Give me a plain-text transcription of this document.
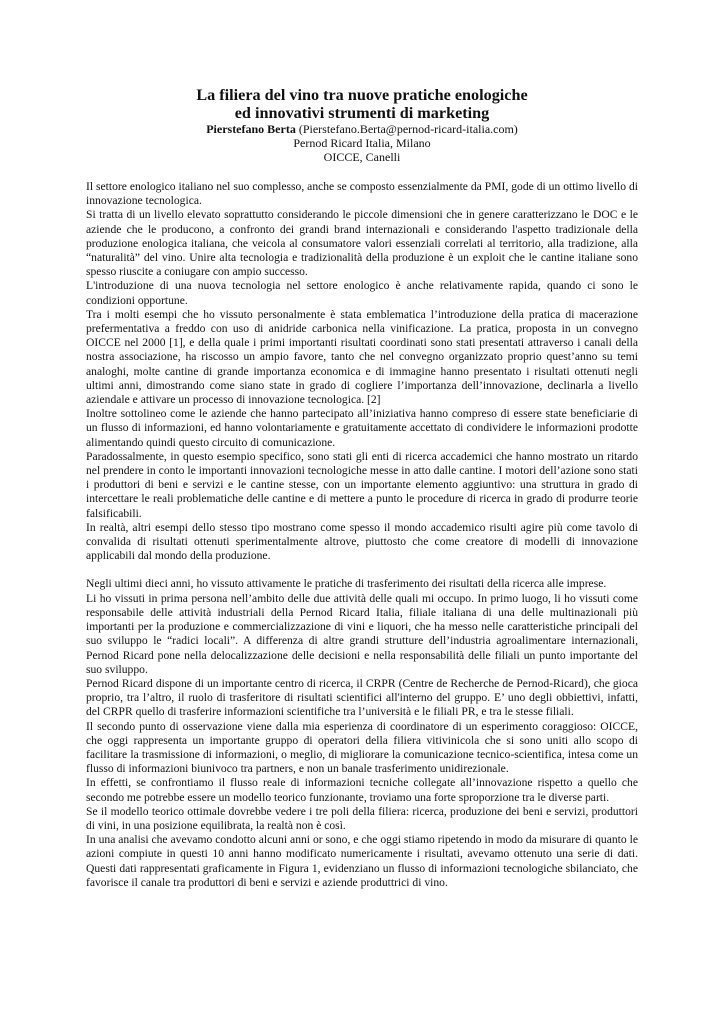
La filiera del vino tra nuove pratiche enologiche

ed innovativi strumenti di marketing

Pierstefano Berta (Pierstefano.Berta@pernod-ricard-italia.com)

Pernod Ricard Italia, Milano

OICCE, Canelli

Il settore enologico italiano nel suo complesso, anche se composto essenzialmente da PMI, gode di un ottimo livello di innovazione tecnologica.

Si tratta di un livello elevato soprattutto considerando le piccole dimensioni che in genere caratterizzano le DOC e le aziende che le producono, a confronto dei grandi brand internazionali e considerando l'aspetto tradizionale della produzione enologica italiana, che veicola al consumatore valori essenziali correlati al territorio, alla tradizione, alla “naturalità” del vino. Unire alta tecnologia e tradizionalità della produzione è un exploit che le cantine italiane sono spesso riuscite a coniugare con ampio successo.

L'introduzione di una nuova tecnologia nel settore enologico è anche relativamente rapida, quando ci sono le condizioni opportune.

Tra i molti esempi che ho vissuto personalmente è stata emblematica l’introduzione della pratica di macerazione prefermentativa a freddo con uso di anidride carbonica nella vinificazione. La pratica, proposta in un convegno OICCE nel 2000 [1], e della quale i primi importanti risultati coordinati sono stati presentati attraverso i canali della nostra associazione, ha riscosso un ampio favore, tanto che nel convegno organizzato proprio quest’anno su temi analoghi, molte cantine di grande importanza economica e di immagine hanno presentato i risultati ottenuti negli ultimi anni, dimostrando come siano state in grado di cogliere l’importanza dell’innovazione, declinarla a livello aziendale e attivare un processo di innovazione tecnologica. [2]

Inoltre sottolineo come le aziende che hanno partecipato all’iniziativa hanno compreso di essere state beneficiarie di un flusso di informazioni, ed hanno volontariamente e gratuitamente accettato di condividere le informazioni prodotte alimentando quindi questo circuito di comunicazione.

Paradossalmente, in questo esempio specifico, sono stati gli enti di ricerca accademici che hanno mostrato un ritardo nel prendere in conto le importanti innovazioni tecnologiche messe in atto dalle cantine. I motori dell’azione sono stati i produttori di beni e servizi e le cantine stesse, con un importante elemento aggiuntivo: una struttura in grado di intercettare le reali problematiche delle cantine e di mettere a punto le procedure di ricerca in grado di produrre teorie falsificabili.

In realtà, altri esempi dello stesso tipo mostrano come spesso il mondo accademico risulti agire più come tavolo di convalida di risultati ottenuti sperimentalmente altrove, piuttosto che come creatore di modelli di innovazione applicabili dal mondo della produzione.

Negli ultimi dieci anni, ho vissuto attivamente le pratiche di trasferimento dei risultati della ricerca alle imprese.

Li ho vissuti in prima persona nell’ambito delle due attività delle quali mi occupo. In primo luogo, li ho vissuti come responsabile delle attività industriali della Pernod Ricard Italia, filiale italiana di una delle multinazionali più importanti per la produzione e commercializzazione di vini e liquori, che ha messo nelle caratteristiche principali del suo sviluppo le “radici locali”. A differenza di altre grandi strutture dell’industria agroalimentare internazionali, Pernod Ricard pone nella delocalizzazione delle decisioni e nella responsabilità delle filiali un punto importante del suo sviluppo.

Pernod Ricard dispone di un importante centro di ricerca, il CRPR (Centre de Recherche de Pernod-Ricard), che gioca proprio, tra l’altro, il ruolo di trasferitore di risultati scientifici all'interno del gruppo. E’ uno degli obbiettivi, infatti, del CRPR quello di trasferire informazioni scientifiche tra l’università e le filiali PR, e tra le stesse filiali.

Il secondo punto di osservazione viene dalla mia esperienza di coordinatore di un esperimento coraggioso: OICCE, che oggi rappresenta un importante gruppo di operatori della filiera vitivinicola che si sono uniti allo scopo di facilitare la trasmissione di informazioni, o meglio, di migliorare la comunicazione tecnico-scientifica, intesa come un flusso di informazioni biunivoco tra partners, e non un banale trasferimento unidirezionale.

In effetti, se confrontiamo il flusso reale di informazioni tecniche collegate all’innovazione rispetto a quello che secondo me potrebbe essere un modello teorico funzionante, troviamo una forte sproporzione tra le diverse parti.

Se il modello teorico ottimale dovrebbe vedere i tre poli della filiera: ricerca, produzione dei beni e servizi, produttori di vini, in una posizione equilibrata, la realtà non è così.

In una analisi che avevamo condotto alcuni anni or sono, e che oggi stiamo ripetendo in modo da misurare di quanto le azioni compiute in questi 10 anni hanno modificato numericamente i risultati, avevamo ottenuto una serie di dati. Questi dati rappresentati graficamente in Figura 1, evidenziano un flusso di informazioni tecnologiche sbilanciato, che favorisce il canale tra produttori di beni e servizi e aziende produttrici di vino.
